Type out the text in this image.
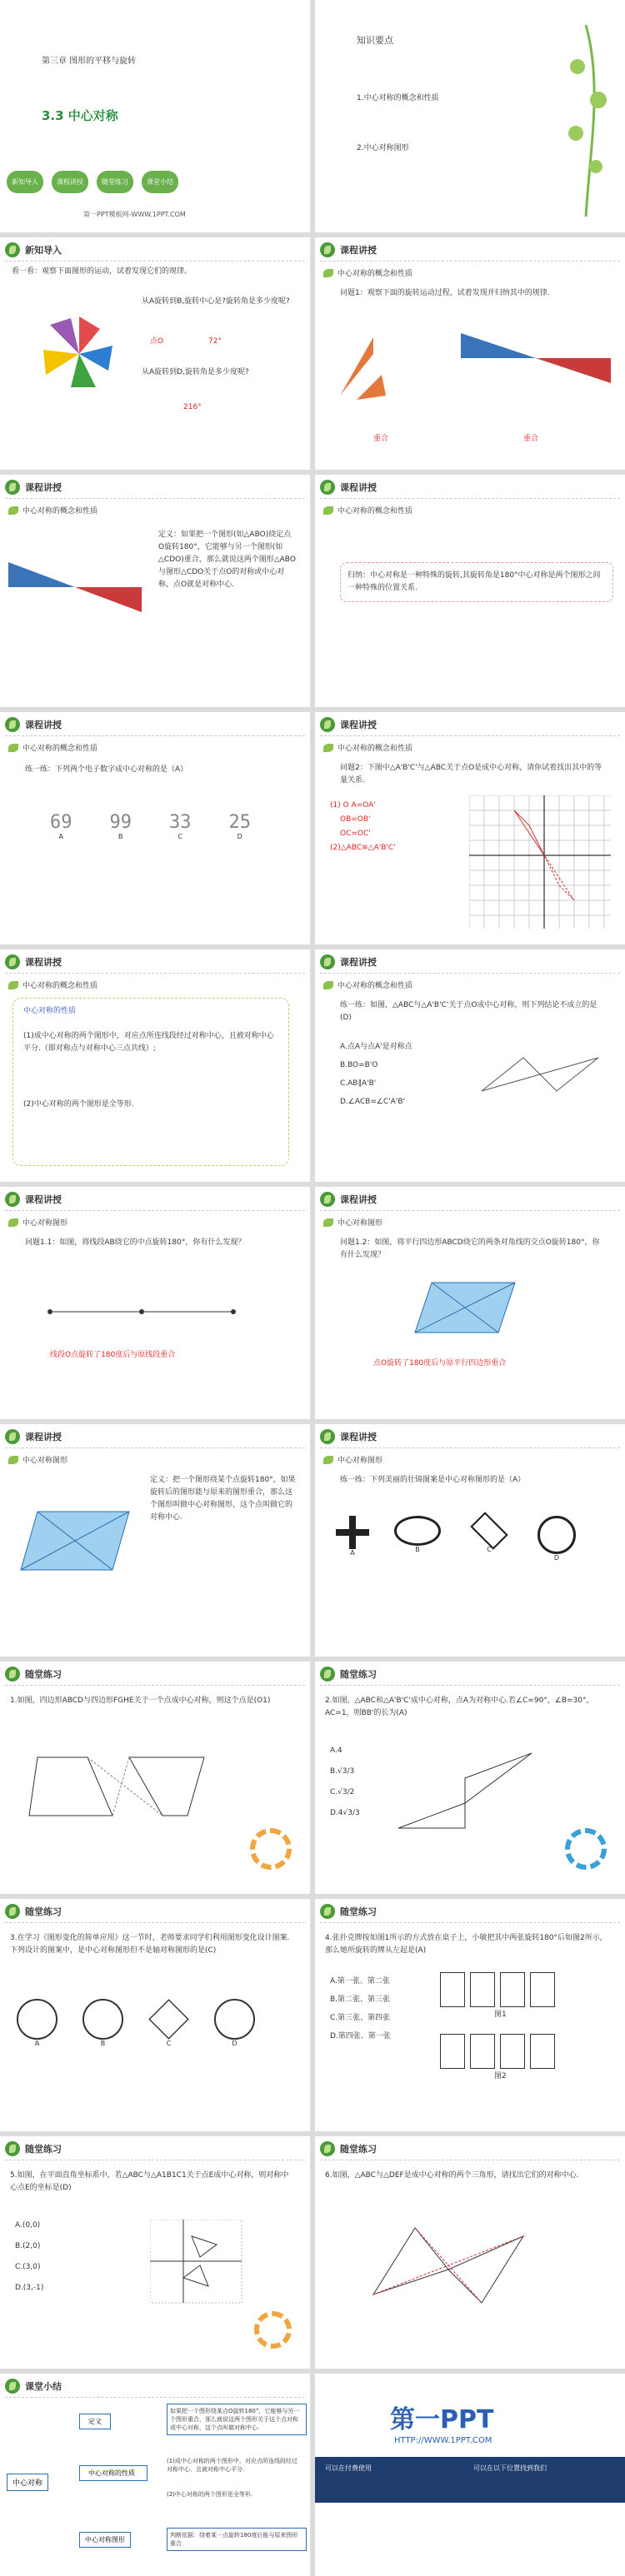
第三章 图形的平移与旋转
3.3 中心对称
新知导入	课程讲授	随堂练习	课堂小结
第一PPT模板网-WWW.1PPT.COM
知识要点
1.中心对称的概念和性质
2.中心对称图形
新知导入
看一看：观察下面图形的运动，试着发现它们的规律。
从A旋转到B,旋转中心是?旋转角是多少度呢?
点O	72°
从A旋转到D,旋转角是多少度呢?
216°
课程讲授
中心对称的概念和性质
问题1：观察下面的旋转运动过程，试着发现并归纳其中的规律.
重合	重合
课程讲授
中心对称的概念和性质
定义：如果把一个图形(如△ABO)绕定点O旋转180°，它能够与另一个图形(如△CDO)重合，那么就说这两个图形△ABO与图形△CDO关于点O的对称或中心对称，点O就是对称中心.
课程讲授
中心对称的概念和性质
归纳：中心对称是一种特殊的旋转,其旋转角是180°中心对称是两个图形之间一种特殊的位置关系.
课程讲授
中心对称的概念和性质
练一练：下列两个电子数字成中心对称的是（A）
69
A
99
B
33
C
25
D
课程讲授
中心对称的概念和性质
问题2：下图中△A'B'C'与△ABC关于点O是成中心对称，请你试着找出其中的等量关系.
(1) O A=OA'
OB=OB'
OC=OC'
(2)△ABC≌△A'B'C'
课程讲授
中心对称的概念和性质
中心对称的性质
(1)成中心对称的两个图形中，对应点所连线段经过对称中心，且被对称中心平分.（即对称点与对称中心三点共线）;
(2)中心对称的两个图形是全等形.
课程讲授
中心对称的概念和性质
练一练：如图，△ABC与△A'B'C'关于点O成中心对称，则下列结论不成立的是(D)
A.点A与点A'是对称点
B.BO=B'O
C.AB∥A'B'
D.∠ACB=∠C'A'B'
课程讲授
中心对称图形
问题1.1：如图，将线段AB绕它的中点旋转180°，你有什么发现？
线段O点旋转了180度后与原线段重合
课程讲授
中心对称图形
问题1.2：如图，将平行四边形ABCD绕它的两条对角线的交点O旋转180°，你有什么发现？
点O旋转了180度后与原平行四边形重合
课程讲授
中心对称图形
定义：把一个图形绕某个点旋转180°，如果旋转后的图形能与原来的图形重合，那么这个图形叫做中心对称图形，这个点叫做它的对称中心.
课程讲授
中心对称图形
练一练：下列美丽的壮锦图案是中心对称图形的是（A）
A	B	C
D
随堂练习
1.如图，四边形ABCD与四边形FGHE关于一个点成中心对称，则这个点是(O1)
随堂练习
2.如图，△ABC和△A'B'C'成中心对称，点A为对称中心.若∠C=90°，∠B=30°，AC=1，则BB'的长为(A)
A.4
B.√3/3
C.√3/2
D.4√3/3
随堂练习
3.在学习《图形变化的简单应用》这一节时，老师要求同学们利用图形变化设计图案.下列设计的图案中，是中心对称图形但不是轴对称图形的是(C)
A	B	C	D
随堂练习
4.张扑克牌按如图1所示的方式放在桌子上，小敏把其中两张旋转180°后如图2所示，那么她所旋转的牌从左起是(A)
A.第一张、第二张
B.第二张、第三张
C.第三张、第四张
D.第四张、第一张
图1
图2
随堂练习
5.如图，在平面直角坐标系中，若△ABC与△A1B1C1关于点E成中心对称，则对称中心点E的坐标是(D)
A.(0,0)
B.(2,0)
C.(3,0)
D.(3,-1)
随堂练习
6.如图，△ABC与△DEF是成中心对称的两个三角形，请找出它们的对称中心.
课堂小结
中心对称
定义
中心对称的性质
中心对称图形
如果把一个图形绕某点O旋转180°，它能够与另一个图形重合，那么就说这两个图形关于这个点对称或中心对称，这个点叫做对称中心.
(1)成中心对称的两个图形中，对应点所连线段经过对称中心，且被对称中心平分.
(2)中心对称的两个图形是全等形.
判断依据：绕着某一点旋转180度后能与原来图形重合
第一PPT
HTTP://WWW.1PPT.COM
可以在付费使用	可以在以下位置找到我们
